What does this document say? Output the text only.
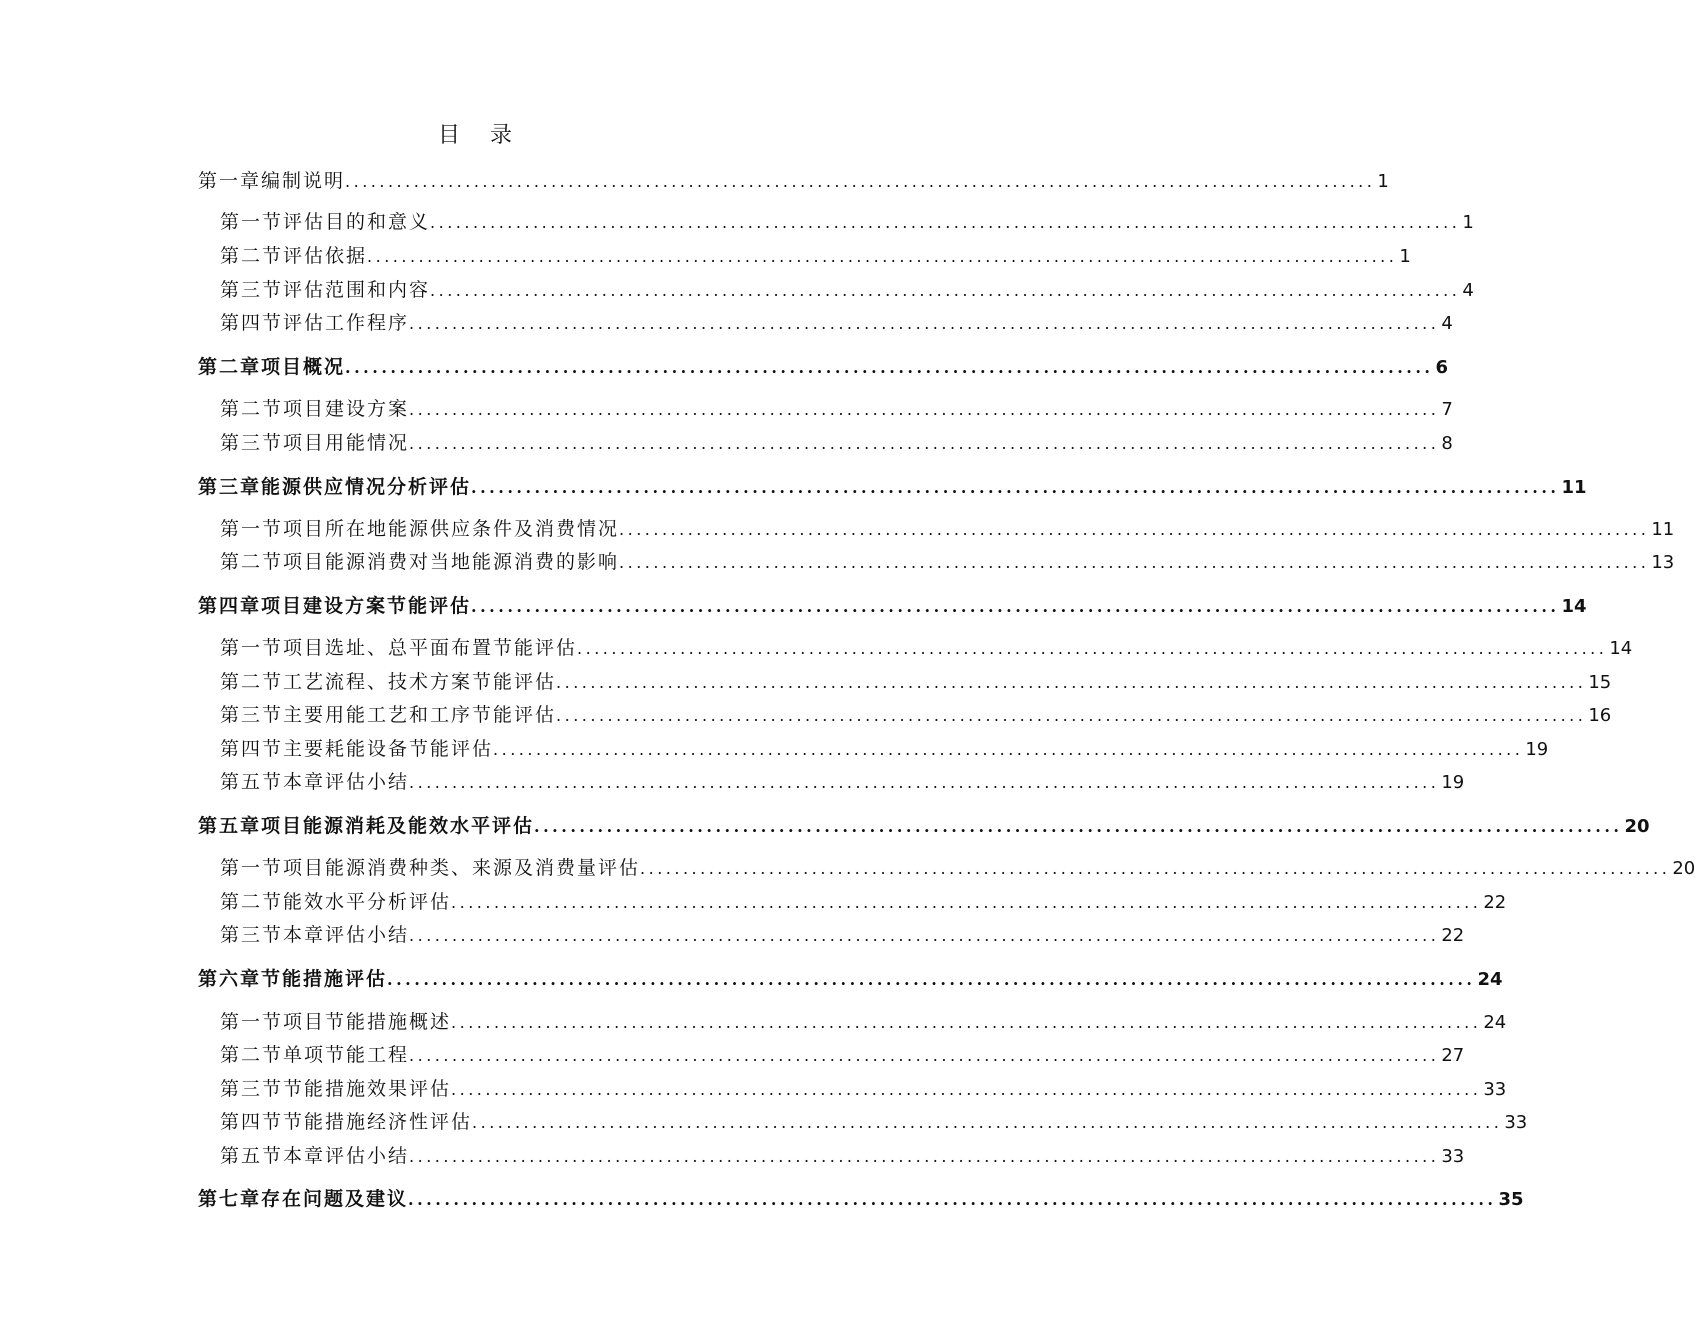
目录
第一章 编制说明 ........................................................................................................................ 1
第一节 评估目的和意义 ........................................................................................................................ 1
第二节 评估依据 ........................................................................................................................ 1
第三节 评估范围和内容 ........................................................................................................................ 4
第四节 评估工作程序 ........................................................................................................................ 4
第二章 项目概况 ........................................................................................................................ 6
第二节 项目建设方案 ........................................................................................................................ 7
第三节 项目用能情况 ........................................................................................................................ 8
第三章 能源供应情况分析评估 ........................................................................................................................ 11
第一节 项目所在地能源供应条件及消费情况 ........................................................................................................................ 11
第二节 项目能源消费对当地能源消费的影响 ........................................................................................................................ 13
第四章 项目建设方案节能评估 ........................................................................................................................ 14
第一节 项目选址、总平面布置节能评估 ........................................................................................................................ 14
第二节 工艺流程、技术方案节能评估 ........................................................................................................................ 15
第三节 主要用能工艺和工序节能评估 ........................................................................................................................ 16
第四节 主要耗能设备节能评估 ........................................................................................................................ 19
第五节 本章评估小结 ........................................................................................................................ 19
第五章 项目能源消耗及能效水平评估 ........................................................................................................................ 20
第一节 项目能源消费种类、来源及消费量评估 ........................................................................................................................ 20
第二节 能效水平分析评估 ........................................................................................................................ 22
第三节 本章评估小结 ........................................................................................................................ 22
第六章 节能措施评估 ........................................................................................................................ 24
第一节 项目节能措施概述 ........................................................................................................................ 24
第二节 单项节能工程 ........................................................................................................................ 27
第三节 节能措施效果评估 ........................................................................................................................ 33
第四节 节能措施经济性评估 ........................................................................................................................ 33
第五节 本章评估小结 ........................................................................................................................ 33
第七章 存在问题及建议 ........................................................................................................................ 35
